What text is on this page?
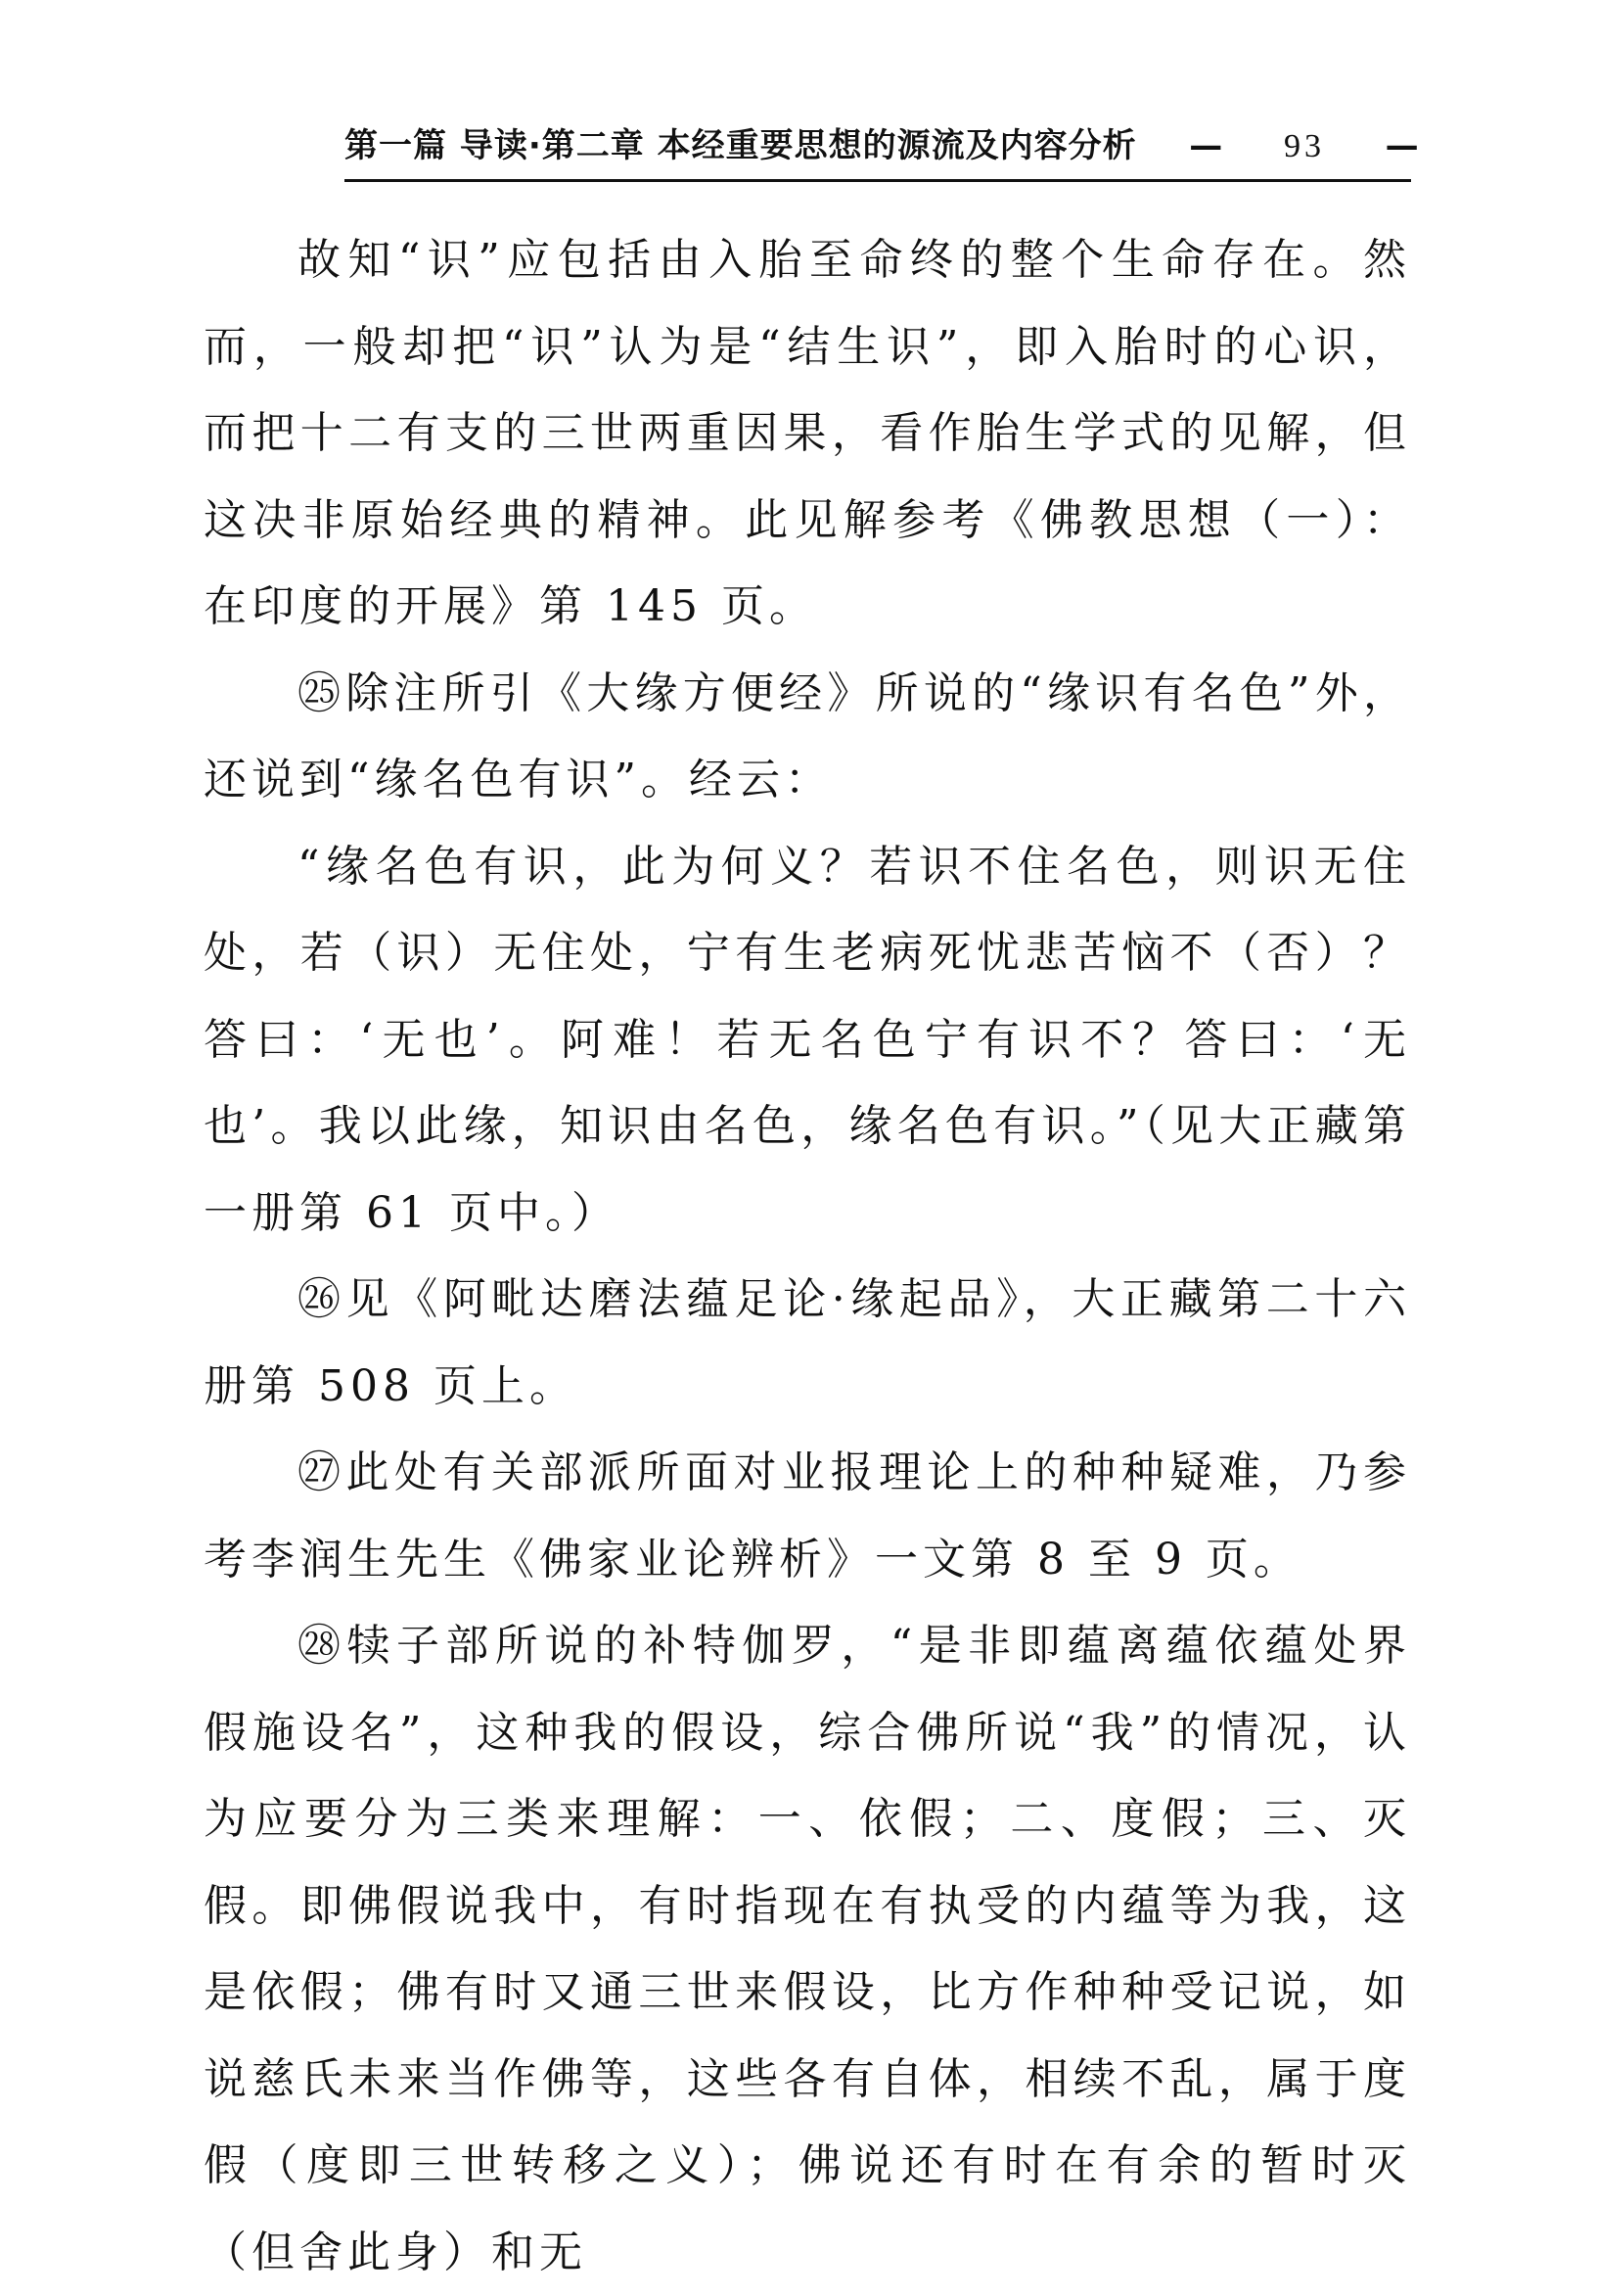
第一篇 导读·第二章 本经重要思想的源流及内容分析 — 93 —

故知“识”应包括由入胎至命终的整个生命存在。然而，一般却把“识”认为是“结生识”，即入胎时的心识，而把十二有支的三世两重因果，看作胎生学式的见解，但这决非原始经典的精神。此见解参考《佛教思想（一）：在印度的开展》第 145 页。

㉕除注所引《大缘方便经》所说的“缘识有名色”外，还说到“缘名色有识”。经云：

“缘名色有识，此为何义？若识不住名色，则识无住处，若（识）无住处，宁有生老病死忧悲苦恼不（否）？答曰：‘无也’。阿难！若无名色宁有识不？答曰：‘无也’。我以此缘，知识由名色，缘名色有识。”（见大正藏第一册第 61 页中。）

㉖见《阿毗达磨法蕴足论·缘起品》，大正藏第二十六册第 508 页上。

㉗此处有关部派所面对业报理论上的种种疑难，乃参考李润生先生《佛家业论辨析》一文第 8 至 9 页。

㉘犊子部所说的补特伽罗，“是非即蕴离蕴依蕴处界假施设名”，这种我的假设，综合佛所说“我”的情况，认为应要分为三类来理解：一、依假；二、度假；三、灭假。即佛假说我中，有时指现在有执受的内蕴等为我，这是依假；佛有时又通三世来假设，比方作种种受记说，如说慈氏未来当作佛等，这些各有自体，相续不乱，属于度假（度即三世转移之义）；佛说还有时在有余的暂时灭（但舍此身）和无
